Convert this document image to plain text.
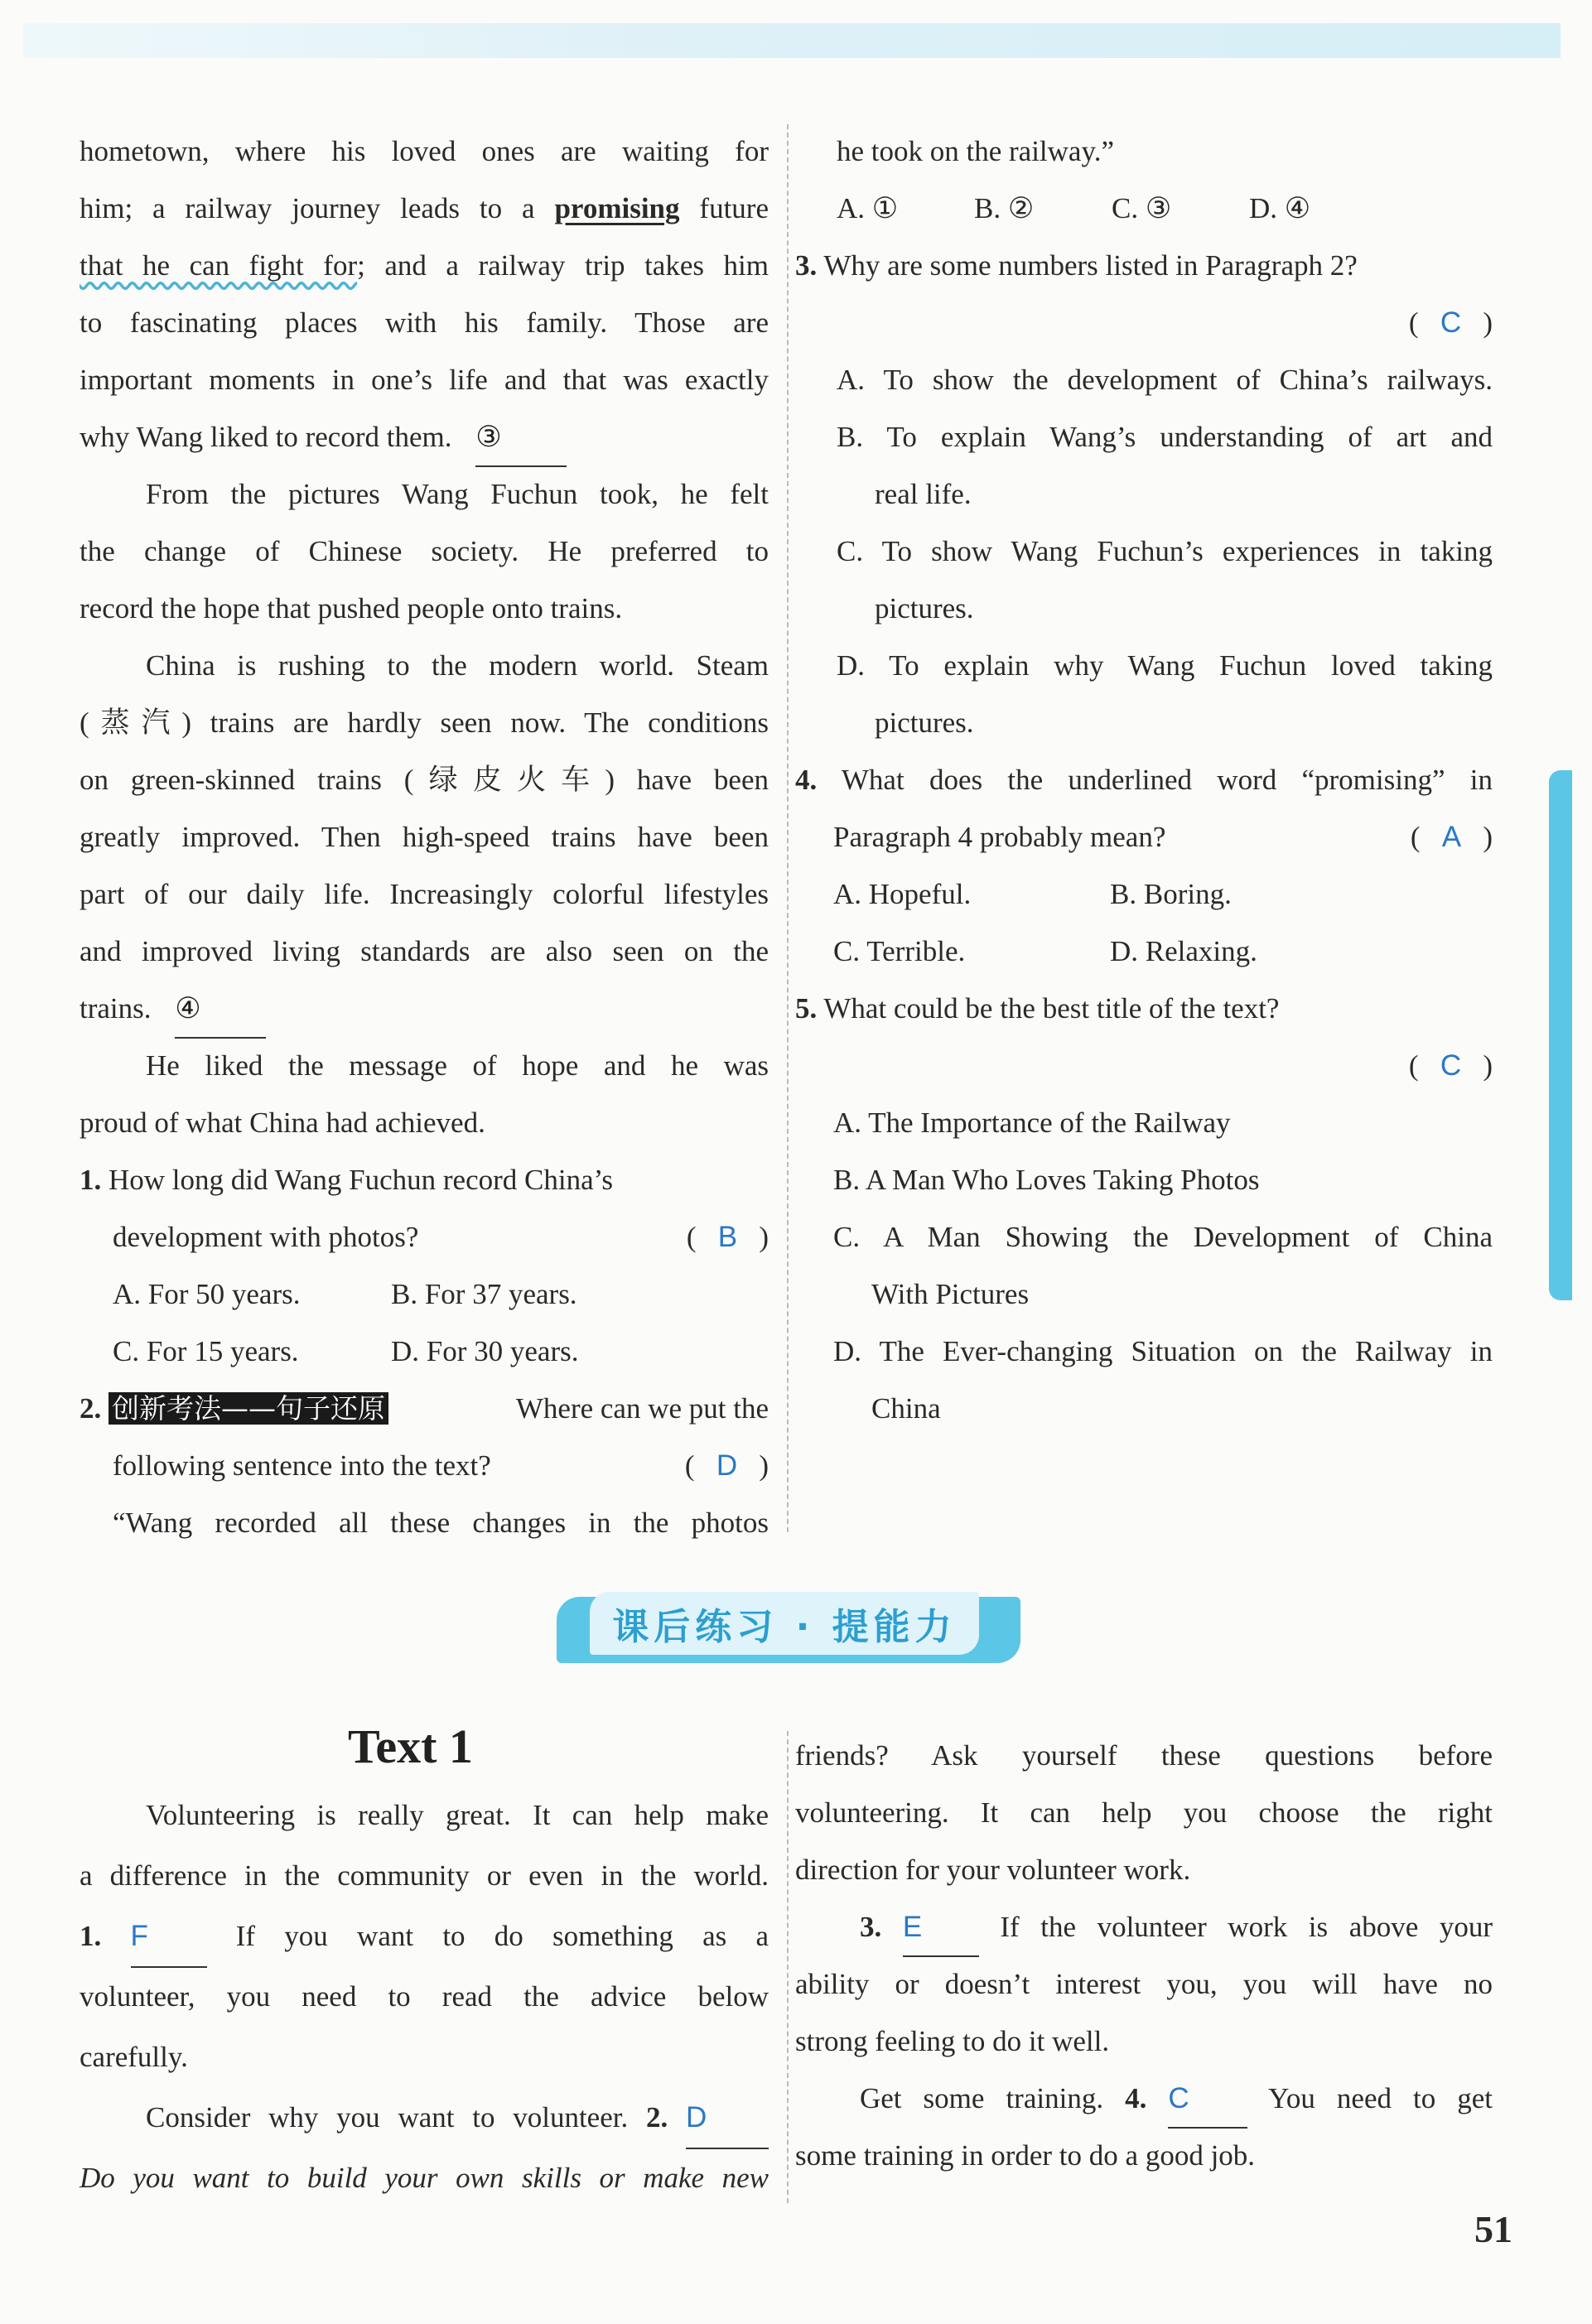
hometown, where his loved ones are waiting for

him; a railway journey leads to a promising future

that he can fight for; and a railway trip takes him

to fascinating places with his family. Those are

important moments in one’s life and that was exactly

why Wang liked to record them. ③

From the pictures Wang Fuchun took, he felt

the change of Chinese society. He preferred to

record the hope that pushed people onto trains.

China is rushing to the modern world. Steam

(蒸汽) trains are hardly seen now. The conditions

on green-skinned trains (绿皮火车) have been

greatly improved. Then high-speed trains have been

part of our daily life. Increasingly colorful lifestyles

and improved living standards are also seen on the

trains. ④

He liked the message of hope and he was

proud of what China had achieved.

1. How long did Wang Fuchun record China’s

development with photos?	( B )

A. For 50 years.	B. For 37 years.

C. For 15 years.	D. For 30 years.

2. 创新考法——句子还原	Where can we put the

following sentence into the text?	( D )

“Wang recorded all these changes in the photos

he took on the railway.”

A. ①	B. ②	C. ③	D. ④

3. Why are some numbers listed in Paragraph 2?

( C )

A. To show the development of China’s railways.

B. To explain Wang’s understanding of art and

real life.

C. To show Wang Fuchun’s experiences in taking

pictures.

D. To explain why Wang Fuchun loved taking

pictures.

4. What does the underlined word “promising” in

Paragraph 4 probably mean?	( A )

A. Hopeful.	B. Boring.

C. Terrible.	D. Relaxing.

5. What could be the best title of the text?

( C )

A. The Importance of the Railway

B. A Man Who Loves Taking Photos

C. A Man Showing the Development of China

With Pictures

D. The Ever-changing Situation on the Railway in

China

课后练习 · 提能力
Text 1

Volunteering is really great. It can help make

a difference in the community or even in the world.

1. F	If you want to do something as a

volunteer, you need to read the advice below

carefully.

Consider why you want to volunteer. 2. D

Do you want to build your own skills or make new

friends? Ask yourself these questions before

volunteering. It can help you choose the right

direction for your volunteer work.

3. E	If the volunteer work is above your

ability or doesn’t interest you, you will have no

strong feeling to do it well.

Get some training. 4. C	You need to get

some training in order to do a good job.

51
